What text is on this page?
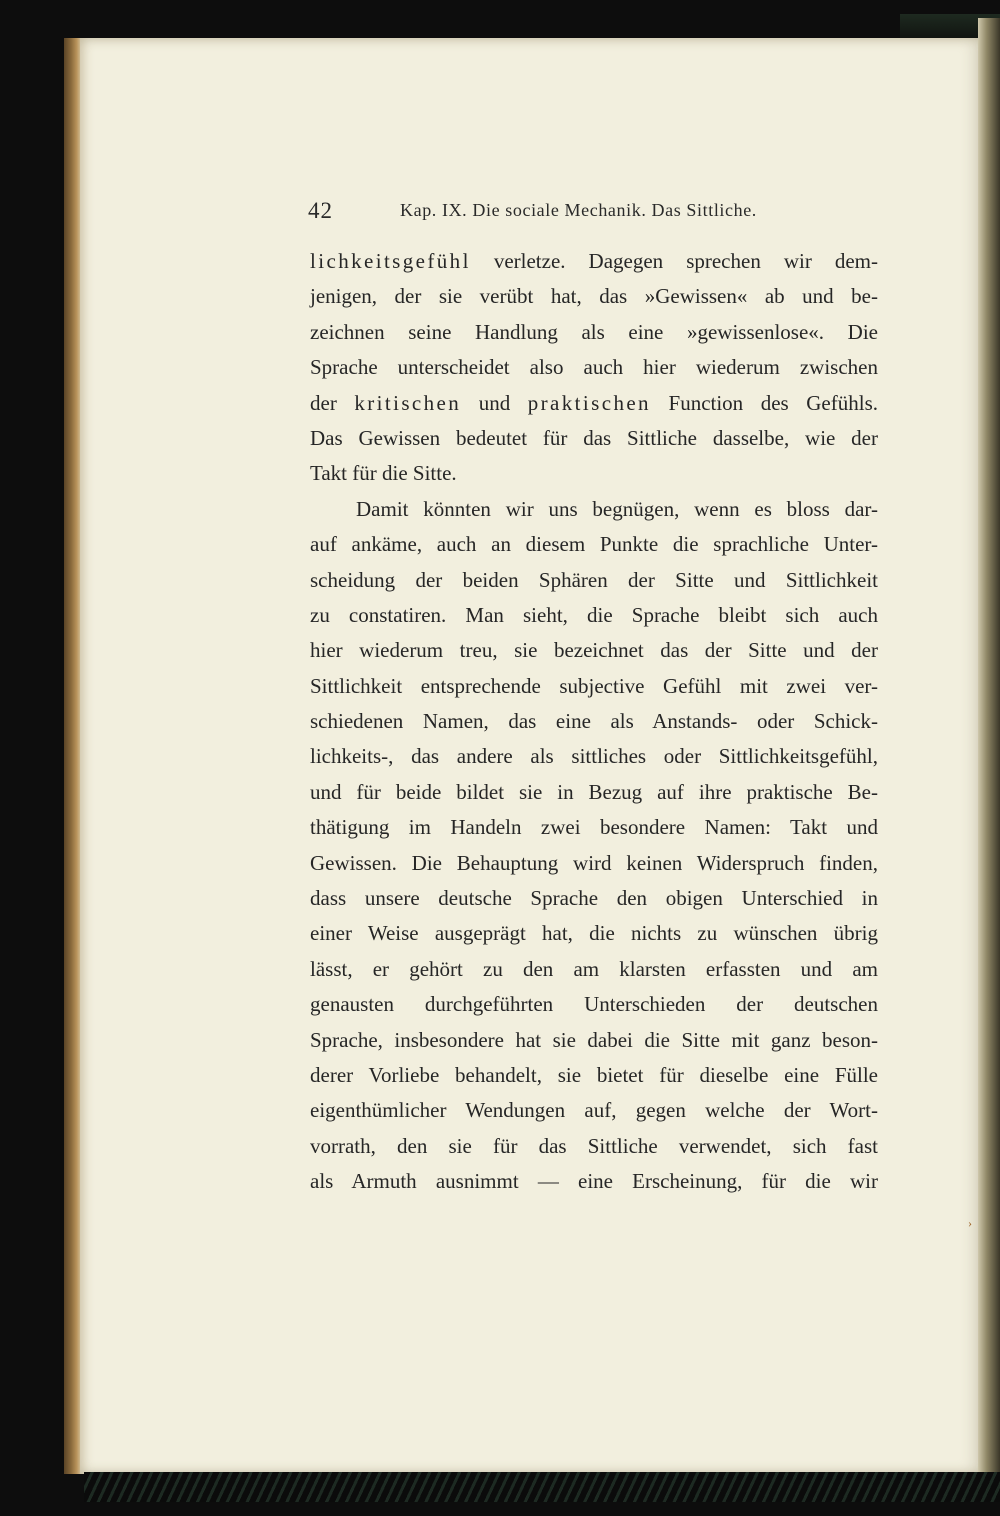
42	Kap. IX. Die sociale Mechanik. Das Sittliche.
lichkeitsgefühl verletze. Dagegen sprechen wir dem-
jenigen, der sie verübt hat, das »Gewissen« ab und be-
zeichnen seine Handlung als eine »gewissenlose«. Die
Sprache unterscheidet also auch hier wiederum zwischen
der kritischen und praktischen Function des Gefühls.
Das Gewissen bedeutet für das Sittliche dasselbe, wie der
Takt für die Sitte.
Damit könnten wir uns begnügen, wenn es bloss dar-
auf ankäme, auch an diesem Punkte die sprachliche Unter-
scheidung der beiden Sphären der Sitte und Sittlichkeit
zu constatiren. Man sieht, die Sprache bleibt sich auch
hier wiederum treu, sie bezeichnet das der Sitte und der
Sittlichkeit entsprechende subjective Gefühl mit zwei ver-
schiedenen Namen, das eine als Anstands- oder Schick-
lichkeits-, das andere als sittliches oder Sittlichkeitsgefühl,
und für beide bildet sie in Bezug auf ihre praktische Be-
thätigung im Handeln zwei besondere Namen: Takt und
Gewissen. Die Behauptung wird keinen Widerspruch finden,
dass unsere deutsche Sprache den obigen Unterschied in
einer Weise ausgeprägt hat, die nichts zu wünschen übrig
lässt, er gehört zu den am klarsten erfassten und am
genausten durchgeführten Unterschieden der deutschen
Sprache, insbesondere hat sie dabei die Sitte mit ganz beson-
derer Vorliebe behandelt, sie bietet für dieselbe eine Fülle
eigenthümlicher Wendungen auf, gegen welche der Wort-
vorrath, den sie für das Sittliche verwendet, sich fast
als Armuth ausnimmt — eine Erscheinung, für die wir
›
